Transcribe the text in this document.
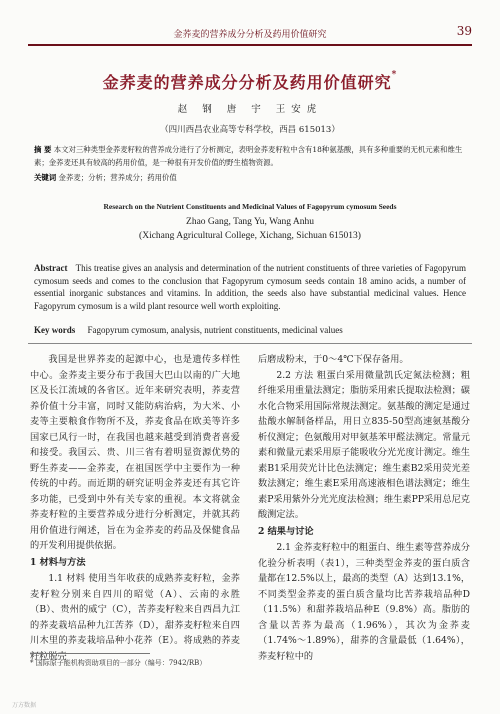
金荞麦的营养成分分析及药用价值研究	39
金荞麦的营养成分分析及药用价值研究*
赵 钢 唐 宇 王安虎
（四川西昌农业高等专科学校，西昌 615013）
摘 要 本文对三种类型金荞麦籽粒的营养成分进行了分析测定，表明金荞麦籽粒中含有18种氨基酸，具有多种重要的无机元素和维生素；金荞麦还具有较高的药用价值，是一种很有开发价值的野生植物资源。
关键词 金荞麦；分析；营养成分；药用价值
Research on the Nutrient Constituents and Medicinal Values of Fagopyrum cymosum Seeds
Zhao Gang, Tang Yu, Wang Anhu
(Xichang Agricultural College, Xichang, Sichuan 615013)
Abstract This treatise gives an analysis and determination of the nutrient constituents of three varieties of Fagopyrum cymosum seeds and comes to the conclusion that Fagopyrum cymosum seeds contain 18 amino acids, a number of essential inorganic substances and vitamins. In addition, the seeds also have substantial medicinal values. Hence Fagopyrum cymosum is a wild plant resource well worth exploiting.
Key words Fagopyrum cymosum, analysis, nutrient constituents, medicinal values

我国是世界荞麦的起源中心，也是遗传多样性中心。金荞麦主要分布于我国大巴山以南的广大地区及长江流域的各省区。近年来研究表明，荞麦营养价值十分丰富，同时又能防病治病，为大米、小麦等主要粮食作物所不及，荞麦食品在欧美等许多国家已风行一时，在我国也越来越受到消费者喜爱和接受。我国云、贵、川三省有着明显资源优势的野生荞麦——金荞麦，在祖国医学中主要作为一种传统的中药。而近期的研究证明金荞麦还有其它许多功能，已受到中外有关专家的重视。本文将就金荞麦籽粒的主要营养成分进行分析测定，并就其药用价值进行阐述，旨在为金荞麦的药品及保健食品的开发利用提供依据。

1 材料与方法

1.1 材料 使用当年收获的成熟荞麦籽粒，金荞麦籽粒分别来自四川的昭觉（A）、云南的永胜（B）、贵州的威宁（C），苦荞麦籽粒来自西昌九江的荞麦栽培品种九江苦荞（D），甜荞麦籽粒来自四川木里的荞麦栽培品种小花荞（E）。将成熟的荞麦籽粒脱壳

后磨成粉末，于0～4℃下保存备用。

2.2 方法 粗蛋白采用微量凯氏定氮法检测；粗纤维采用重量法测定；脂肪采用索氏提取法检测；碳水化合物采用国际常规法测定。氨基酸的测定是通过盐酸水解制备样品，用日立835-50型高速氨基酸分析仪测定；色氨酸用对甲氨基苯甲醛法测定。常量元素和微量元素采用原子能吸收分光光度计测定。维生素B1采用荧光计比色法测定；维生素B2采用荧光差数法测定；维生素E采用高速液相色谱法测定；维生素P采用紫外分光光度法检测；维生素PP采用总尼克酸测定法。

2 结果与讨论

2.1 金荞麦籽粒中的粗蛋白、维生素等营养成分 化验分析表明（表1），三种类型金荞麦的蛋白质含量都在12.5%以上，最高的类型（A）达到13.1%，不同类型金荞麦的蛋白质含量均比苦荞栽培品种D（11.5%）和甜荞栽培品种E（9.8%）高。脂肪的含量以苦荞为最高（1.96%），其次为金荞麦（1.74%～1.89%），甜荞的含量最低（1.64%），荞麦籽粒中的

* 国际原子能机构资助项目的一部分（编号：7942/RB）
万方数据
